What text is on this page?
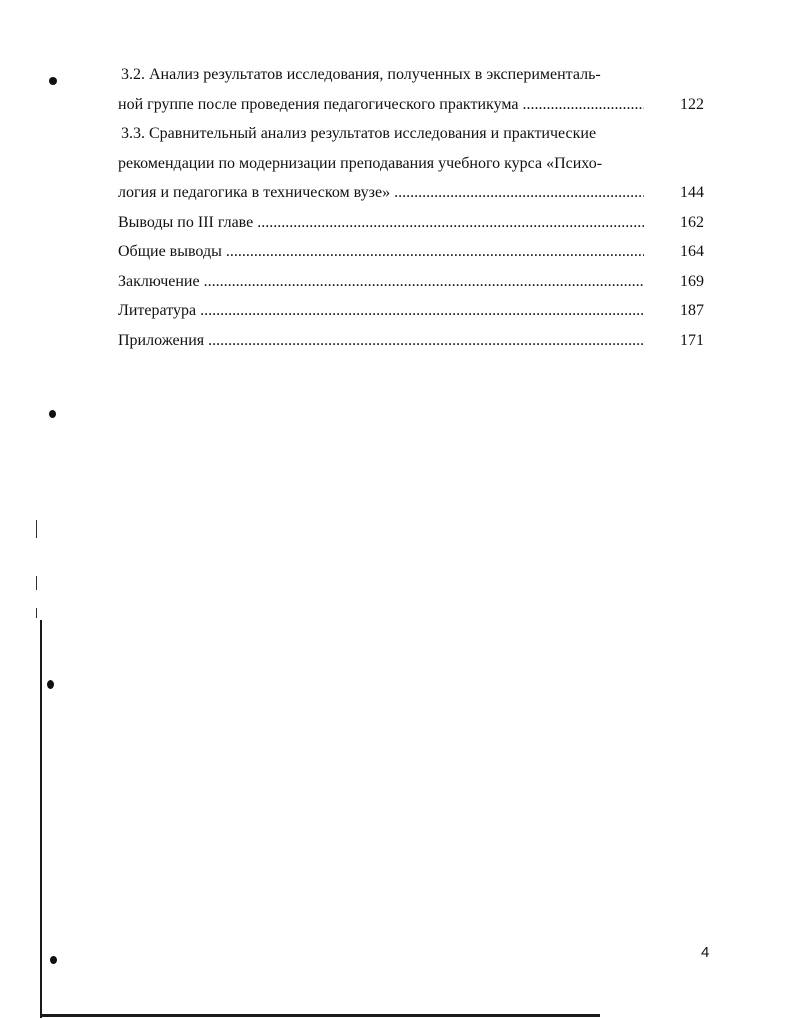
3.2. Анализ результатов исследования, полученных в эксперименталь-
ной группе после проведения педагогического практикума .....	122
3.3. Сравнительный анализ результатов исследования и практические
рекомендации по модернизации преподавания учебного курса «Психо-
логия и педагогика в техническом вузе» .....	144
Выводы по III главе .....	162
Общие выводы .....	164
Заключение .....	169
Литература .....	187
Приложения .....	171
4
